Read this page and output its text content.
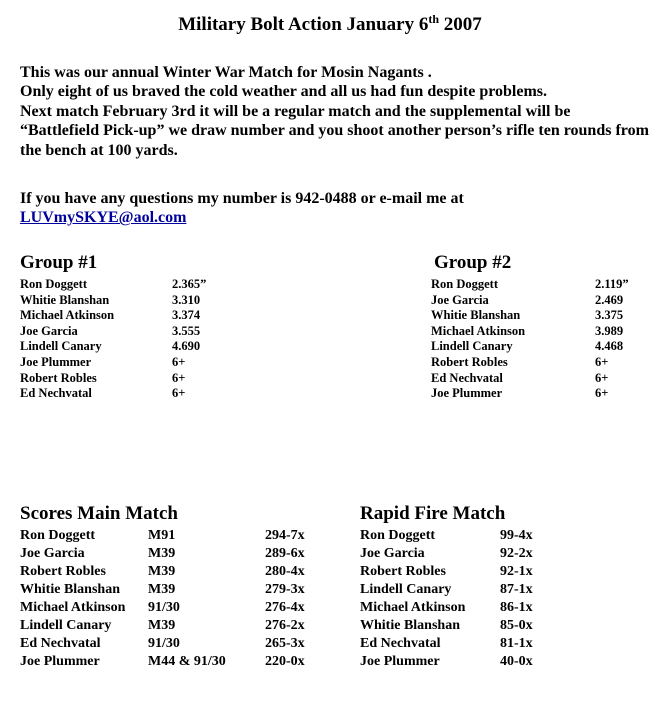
Military Bolt Action January 6th 2007

This was our annual Winter War Match for Mosin Nagants .

Only eight of us braved the cold weather and all us had fun despite problems.

Next match February 3rd it will be a regular match and the supplemental will be “Battlefield Pick-up” we draw number and you shoot another person’s rifle ten rounds from the bench at 100 yards.

If you have any questions my number is 942-0488 or e-mail me at

LUVmySKYE@aol.com

Group #1
Ron Doggett	2.365”
Whitie Blanshan	3.310
Michael Atkinson	3.374
Joe Garcia	3.555
Lindell Canary	4.690
Joe Plummer	6+
Robert Robles	6+
Ed Nechvatal	6+
Group #2
Ron Doggett	2.119”
Joe Garcia	2.469
Whitie Blanshan	3.375
Michael Atkinson	3.989
Lindell Canary	4.468
Robert Robles	6+
Ed Nechvatal	6+
Joe Plummer	6+
Scores Main Match
Ron Doggett	M91	294-7x
Joe Garcia	M39	289-6x
Robert Robles	M39	280-4x
Whitie Blanshan M39	279-3x
Michael Atkinson 91/30	276-4x
Lindell Canary	M39	276-2x
Ed Nechvatal	91/30	265-3x
Joe Plummer	M44 & 91/30	220-0x
Rapid Fire Match
Ron Doggett	99-4x
Joe Garcia	92-2x
Robert Robles	92-1x
Lindell Canary	87-1x
Michael Atkinson 86-1x
Whitie Blanshan	85-0x
Ed Nechvatal	81-1x
Joe Plummer	40-0x
